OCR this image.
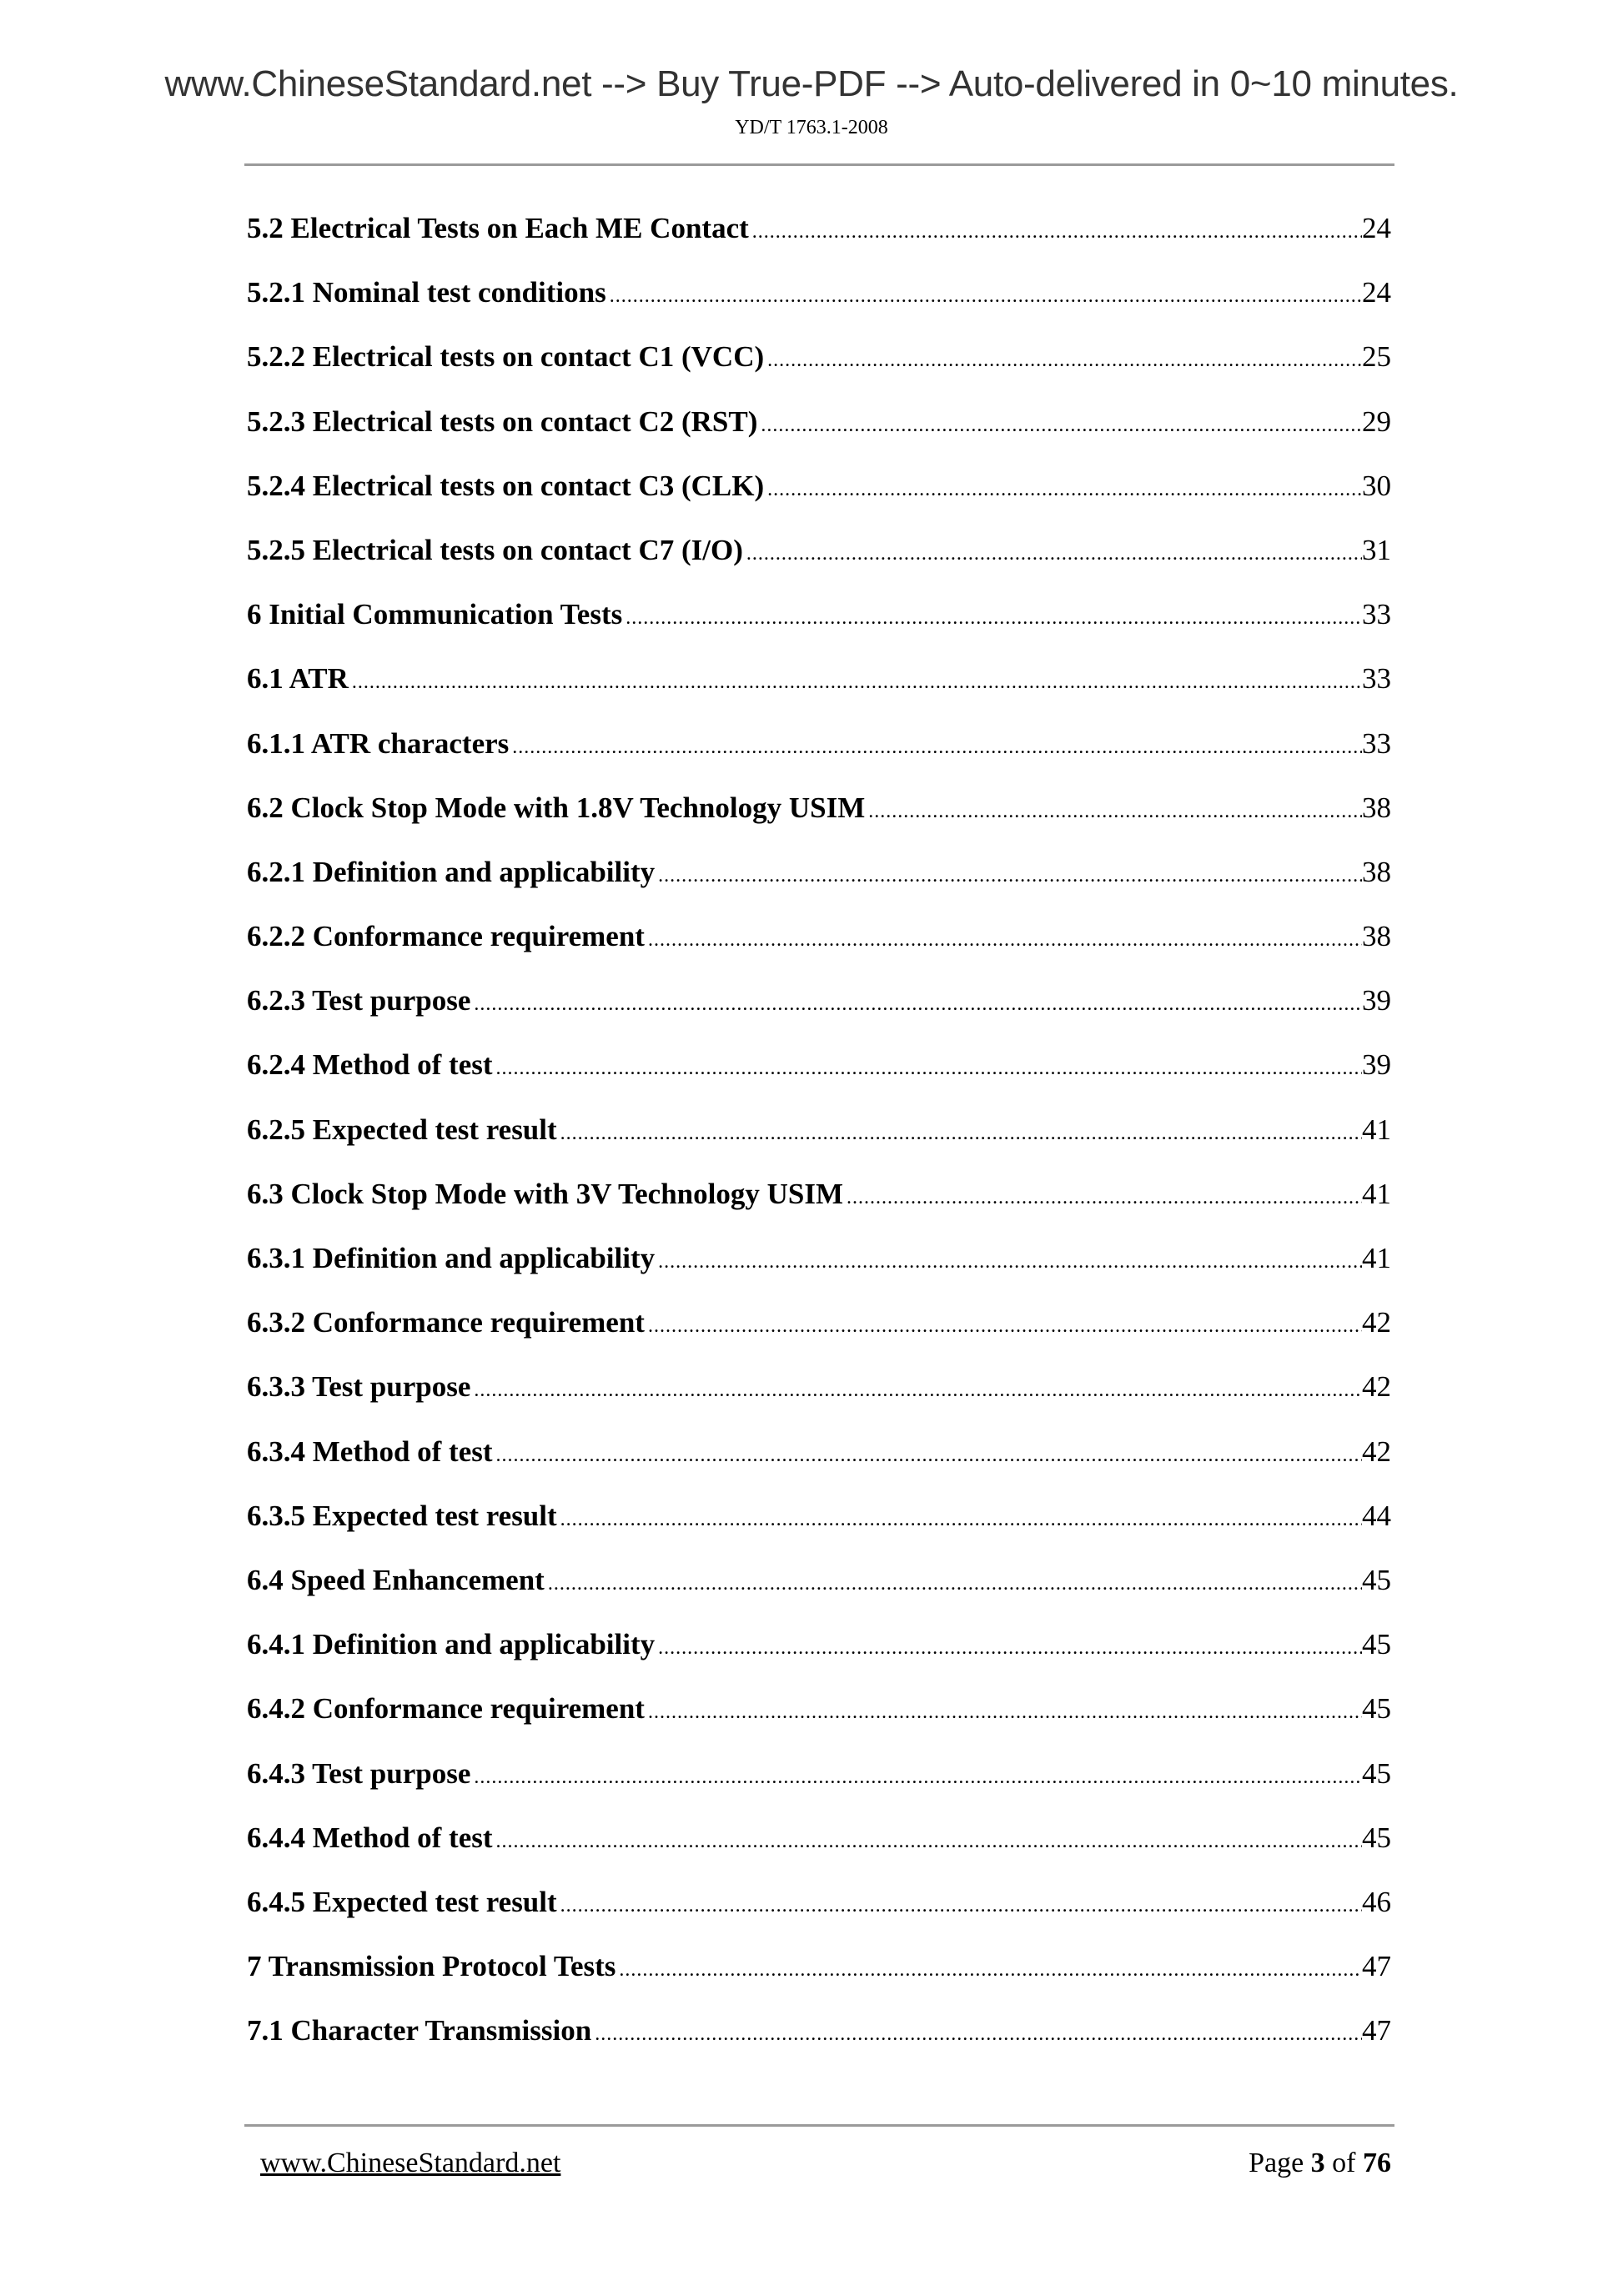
www.ChineseStandard.net --> Buy True-PDF --> Auto-delivered in 0~10 minutes.
YD/T 1763.1-2008
5.2 Electrical Tests on Each ME Contact .....	24
5.2.1 Nominal test conditions .....	24
5.2.2 Electrical tests on contact C1 (VCC) .....	25
5.2.3 Electrical tests on contact C2 (RST) .....	29
5.2.4 Electrical tests on contact C3 (CLK) .....	30
5.2.5 Electrical tests on contact C7 (I/O) .....	31
6 Initial Communication Tests .....	33
6.1 ATR .....	33
6.1.1 ATR characters .....	33
6.2 Clock Stop Mode with 1.8V Technology USIM .....	38
6.2.1 Definition and applicability .....	38
6.2.2 Conformance requirement .....	38
6.2.3 Test purpose .....	39
6.2.4 Method of test .....	39
6.2.5 Expected test result .....	41
6.3 Clock Stop Mode with 3V Technology USIM .....	41
6.3.1 Definition and applicability .....	41
6.3.2 Conformance requirement .....	42
6.3.3 Test purpose .....	42
6.3.4 Method of test .....	42
6.3.5 Expected test result .....	44
6.4 Speed Enhancement .....	45
6.4.1 Definition and applicability .....	45
6.4.2 Conformance requirement .....	45
6.4.3 Test purpose .....	45
6.4.4 Method of test .....	45
6.4.5 Expected test result .....	46
7 Transmission Protocol Tests .....	47
7.1 Character Transmission .....	47
www.ChineseStandard.net	Page 3 of 76
